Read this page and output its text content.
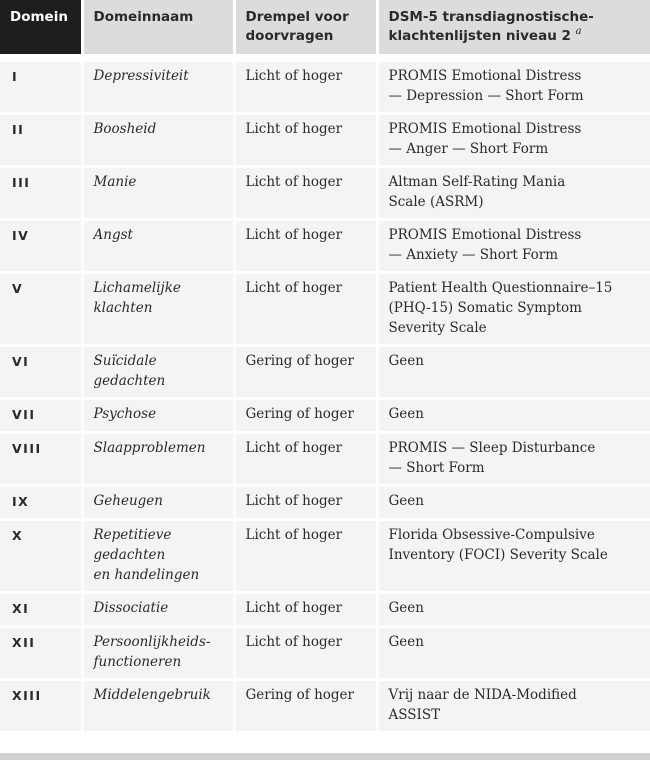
Domein	Domeinnaam	Drempel voor
doorvragen	DSM-5 transdiagnostische-
klachtenlijsten niveau 2 $^a$
I	Depressiviteit	Licht of hoger	PROMIS Emotional Distress
— Depression — Short Form
II	Boosheid	Licht of hoger	PROMIS Emotional Distress
— Anger — Short Form
III	Manie	Licht of hoger	Altman Self-Rating Mania
Scale (ASRM)
IV	Angst	Licht of hoger	PROMIS Emotional Distress
— Anxiety — Short Form
V	Lichamelijke
klachten	Licht of hoger	Patient Health Questionnaire–15
(PHQ-15) Somatic Symptom
Severity Scale
VI	Suïcidale
gedachten	Gering of hoger	Geen
VII	Psychose	Gering of hoger	Geen
VIII	Slaapproblemen	Licht of hoger	PROMIS — Sleep Disturbance
— Short Form
IX	Geheugen	Licht of hoger	Geen
X	Repetitieve
gedachten
en handelingen	Licht of hoger	Florida Obsessive-Compulsive
Inventory (FOCI) Severity Scale
XI	Dissociatie	Licht of hoger	Geen
XII	Persoonlijkheids-
functioneren	Licht of hoger	Geen
XIII	Middelengebruik	Gering of hoger	Vrij naar de NIDA-Modified
ASSIST
